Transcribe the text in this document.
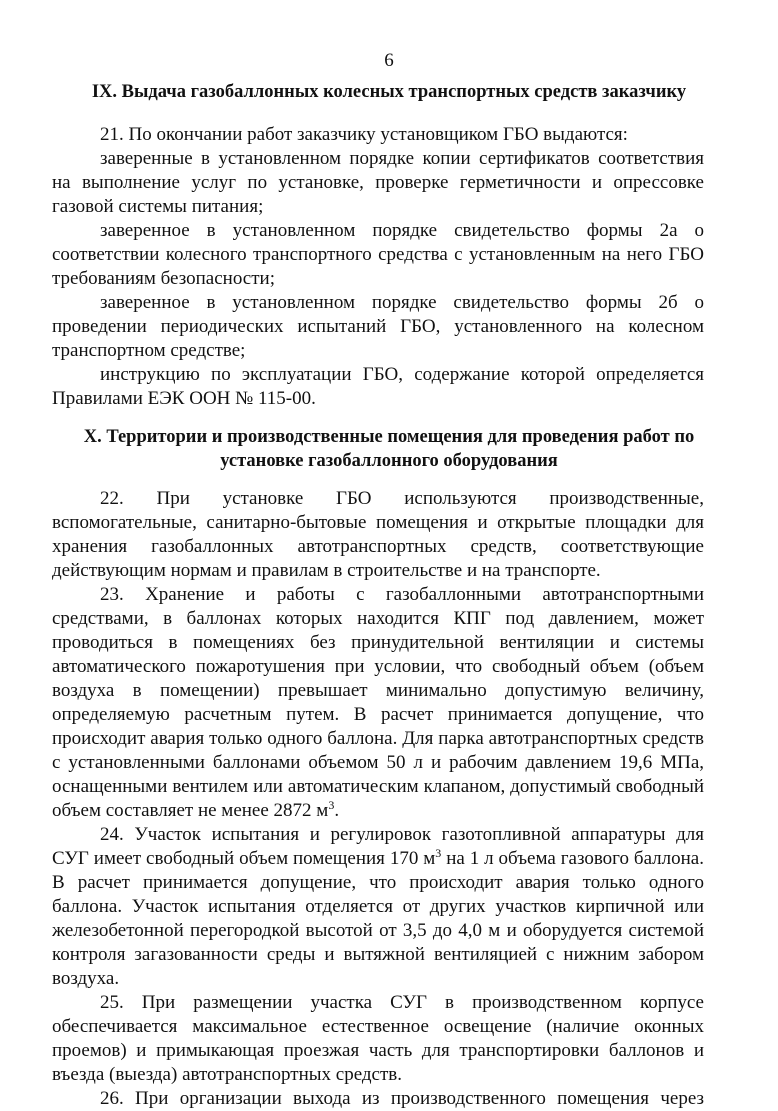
6
IX. Выдача газобаллонных колесных транспортных средств заказчику

21. По окончании работ заказчику установщиком ГБО выдаются:

заверенные в установленном порядке копии сертификатов соответствия на выполнение услуг по установке, проверке герметичности и опрессовке газовой системы питания;

заверенное в установленном порядке свидетельство формы 2а о соответствии колесного транспортного средства с установленным на него ГБО требованиям безопасности;

заверенное в установленном порядке свидетельство формы 2б о проведении периодических испытаний ГБО, установленного на колесном транспортном средстве;

инструкцию по эксплуатации ГБО, содержание которой определяется Правилами ЕЭК ООН № 115-00.

X. Территории и производственные помещения для проведения работ по установке газобаллонного оборудования

22. При установке ГБО используются производственные, вспомогательные, санитарно-бытовые помещения и открытые площадки для хранения газобаллонных автотранспортных средств, соответствующие действующим нормам и правилам в строительстве и на транспорте.

23. Хранение и работы с газобаллонными автотранспортными средствами, в баллонах которых находится КПГ под давлением, может проводиться в помещениях без принудительной вентиляции и системы автоматического пожаротушения при условии, что свободный объем (объем воздуха в помещении) превышает минимально допустимую величину, определяемую расчетным путем. В расчет принимается допущение, что происходит авария только одного баллона. Для парка автотранспортных средств с установленными баллонами объемом 50 л и рабочим давлением 19,6 МПа, оснащенными вентилем или автоматическим клапаном, допустимый свободный объем составляет не менее 2872 $м^3$.

24. Участок испытания и регулировок газотопливной аппаратуры для СУГ имеет свободный объем помещения 170 $м^3$ на 1 л объема газового баллона. В расчет принимается допущение, что происходит авария только одного баллона. Участок испытания отделяется от других участков кирпичной или железобетонной перегородкой высотой от 3,5 до 4,0 м и оборудуется системой контроля загазованности среды и вытяжной вентиляцией с нижним забором воздуха.

25. При размещении участка СУГ в производственном корпусе обеспечивается максимальное естественное освещение (наличие оконных проемов) и примыкающая проезжая часть для транспортировки баллонов и въезда (выезда) автотранспортных средств.

26. При организации выхода из производственного помещения через
